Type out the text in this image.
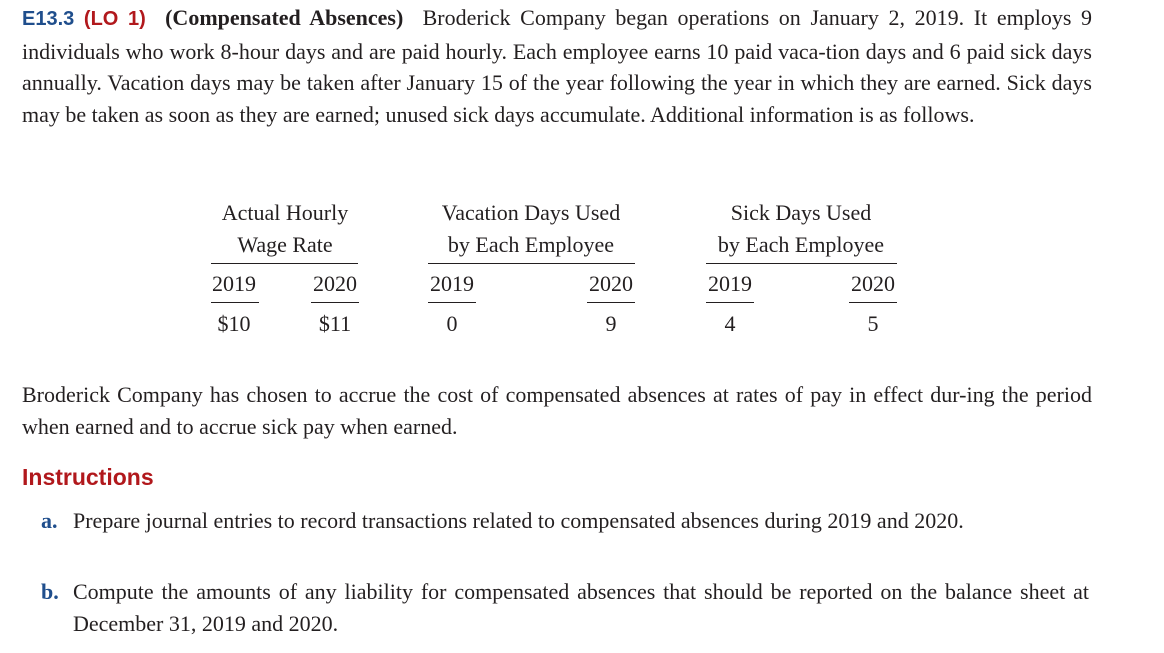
E13.3 (LO 1) (Compensated Absences) Broderick Company began operations on January 2, 2019. It employs 9 individuals who work 8-hour days and are paid hourly. Each employee earns 10 paid vaca-tion days and 6 paid sick days annually. Vacation days may be taken after January 15 of the year following the year in which they are earned. Sick days may be taken as soon as they are earned; unused sick days accumulate. Additional information is as follows.
Actual Hourly
Wage Rate
Vacation Days Used
by Each Employee
Sick Days Used
by Each Employee
2019	2020	2019	2020	2019	2020
$10	$11	0	9	4	5
Broderick Company has chosen to accrue the cost of compensated absences at rates of pay in effect dur-ing the period when earned and to accrue sick pay when earned.
Instructions
a. Prepare journal entries to record transactions related to compensated absences during 2019 and 2020.
b. Compute the amounts of any liability for compensated absences that should be reported on the balance sheet at December 31, 2019 and 2020.
